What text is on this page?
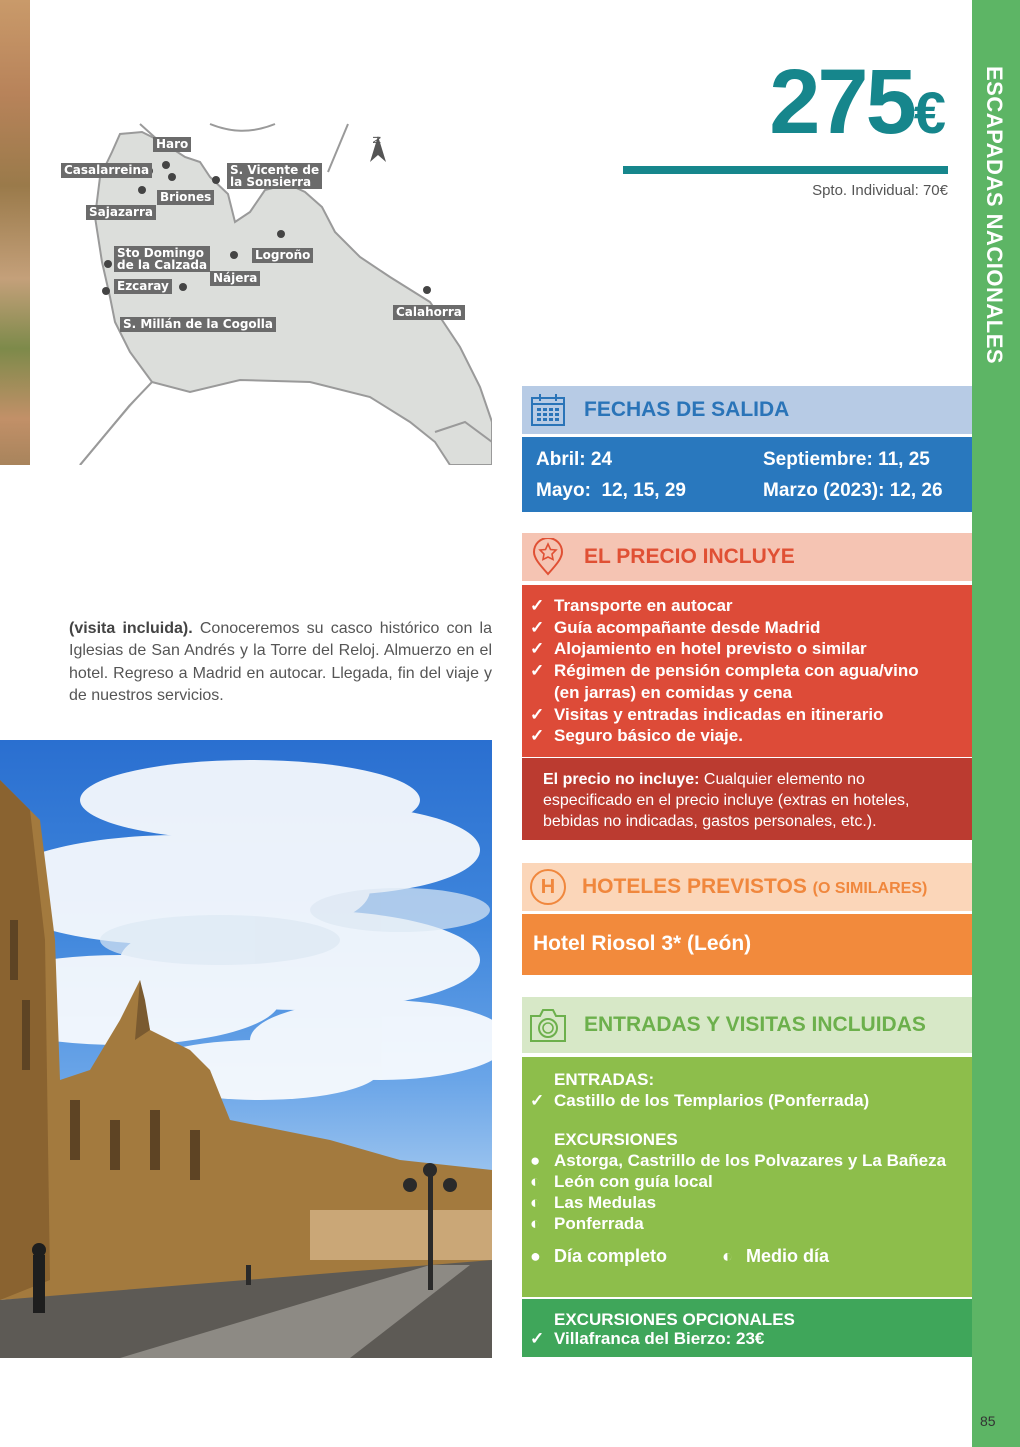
N
Haro
Casalarreina
Briones
S. Vicente de
la Sonsierra
Sajazarra
Sto Domingo
de la Calzada
Logroño
Nájera
Ezcaray
Calahorra
S. Millán de la Cogolla
275€
Spto. Individual: 70€ ESCAPADAS NACIONALES
85
FECHAS DE SALIDA
Abril: 24	Septiembre: 11, 25
Mayo:  12, 15, 29	Marzo (2023): 12, 26
EL PRECIO INCLUYE
✓ Transporte en autocar
✓ Guía acompañante desde Madrid
✓ Alojamiento en hotel previsto o similar
✓ Régimen de pensión completa con agua/vino (en jarras) en comidas y cena
✓ Visitas y entradas indicadas en itinerario
✓ Seguro básico de viaje.
El precio no incluye: Cualquier elemento no especificado en el precio incluye (extras en hoteles, bebidas no indicadas, gastos personales, etc.).
H HOTELES PREVISTOS (O SIMILARES)
Hotel Riosol 3* (León)
ENTRADAS Y VISITAS INCLUIDAS
ENTRADAS:
✓ Castillo de los Templarios (Ponferrada)
EXCURSIONES
● Astorga, Castrillo de los Polvazares y La Bañeza
◐ León con guía local
◐ Las Medulas
◐ Ponferrada
● Día completo	◐ Medio día
EXCURSIONES OPCIONALES
✓ Villafranca del Bierzo: 23€
(visita incluida). Conoceremos su casco histórico con la Iglesias de San Andrés y la Torre del Reloj. Almuerzo en el hotel. Regreso a Madrid en autocar. Llegada, fin del viaje y de nuestros servicios.
